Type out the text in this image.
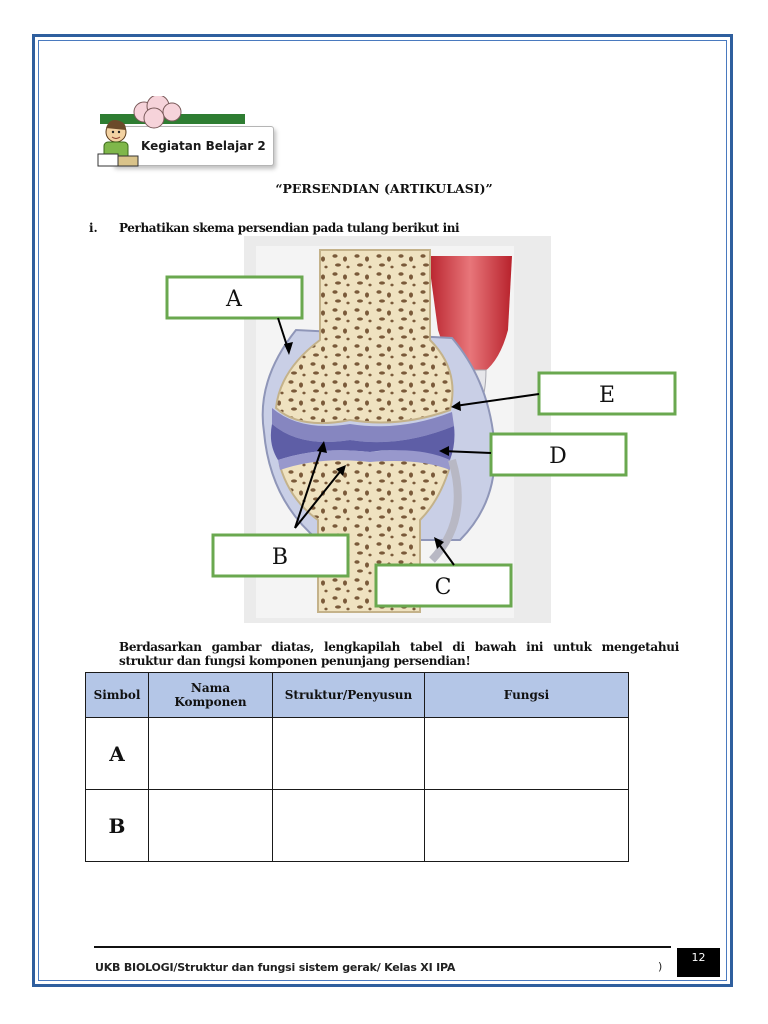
Kegiatan Belajar 2
“PERSENDIAN (ARTIKULASI)”
i. Perhatikan skema persendian pada tulang berikut ini
A
B
C
D
E
Berdasarkan gambar diatas, lengkapilah tabel di bawah ini untuk mengetahui struktur dan fungsi komponen penunjang persendian!
Simbol	Nama Komponen	Struktur/Penyusun	Fungsi
A			
B			
UKB BIOLOGI/Struktur dan fungsi sistem gerak/ Kelas XI IPA	)
12
